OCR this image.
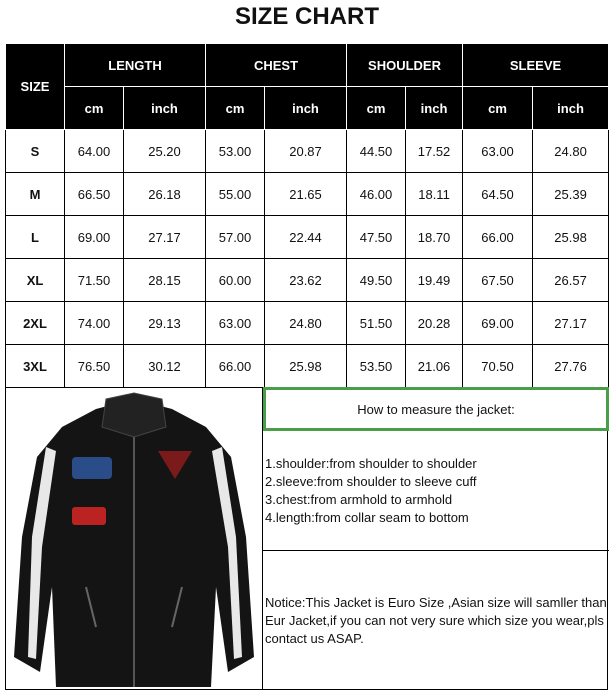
SIZE CHART
SIZE	LENGTH		CHEST		SHOULDER		SLEEVE	
	cm	inch	cm	inch	cm	inch	cm	inch
S	64.00	25.20	53.00	20.87	44.50	17.52	63.00	24.80
M	66.50	26.18	55.00	21.65	46.00	18.11	64.50	25.39
L	69.00	27.17	57.00	22.44	47.50	18.70	66.00	25.98
XL	71.50	28.15	60.00	23.62	49.50	19.49	67.50	26.57
2XL	74.00	29.13	63.00	24.80	51.50	20.28	69.00	27.17
3XL	76.50	30.12	66.00	25.98	53.50	21.06	70.50	27.76
How to measure the jacket:
1.shoulder:from shoulder to shoulder
2.sleeve:from shoulder to sleeve cuff
3.chest:from armhold to armhold
4.length:from collar seam to bottom
Notice:This Jacket is Euro Size ,Asian size will samller than Eur Jacket,if you can not very sure which size you wear,pls contact us ASAP.
